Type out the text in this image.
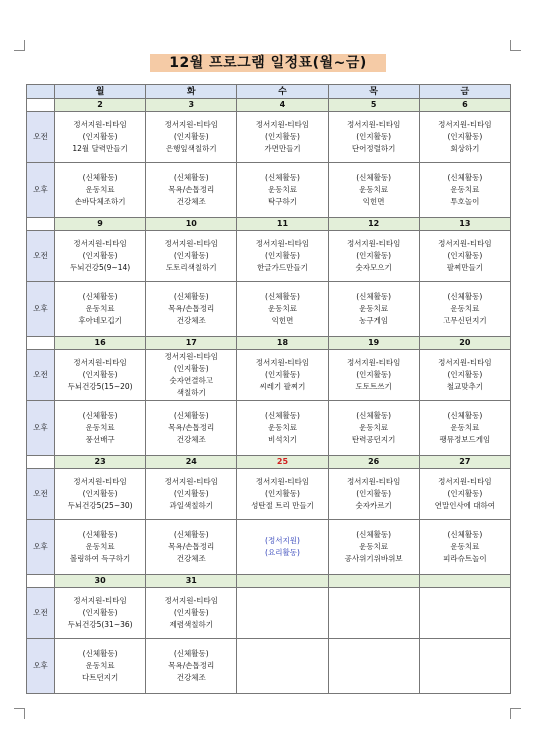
12월 프로그램 일정표(월~금)
	월	화	수	목	금
	2	3	4	5	6
오전	정서지원-티타임
(인지활동)
12월 달력만들기	정서지원-티타임
(인지활동)
은행잎색칠하기	정서지원-티타임
(인지활동)
가면만들기	정서지원-티타임
(인지활동)
단어정렬하기	정서지원-티타임
(인지활동)
회상하기

오후	(신체활동)
운동치료
손바닥체조하기	(신체활동)
목욕/손톱정리
건강체조	(신체활동)
운동치료
탁구하기	(신체활동)
운동치료
익힌면	(신체활동)
운동치료
투호놀이

	9	10	11	12	13
오전	정서지원-티타임
(인지활동)
두뇌건강5(9~14)	정서지원-티타임
(인지활동)
도토리색칠하기	정서지원-티타임
(인지활동)
한글가드만들기	정서지원-티타임
(인지활동)
숫자모으기	정서지원-티타임
(인지활동)
팔찌만들기

오후	(신체활동)
운동치료
후아네모깁기	(신체활동)
목욕/손톱정리
건강체조	(신체활동)
운동치료
익힌면	(신체활동)
운동치료
농구게임	(신체활동)
운동치료
고무신던지기

	16	17	18	19	20
오전	정서지원-티타임
(인지활동)
두뇌건강5(15~20)	정서지원-티타임
(인지활동)
숫자연결하고
색칠하기	정서지원-티타임
(인지활동)
씨레기 팔찌기	정서지원-티타임
(인지활동)
도토트쓰기	정서지원-티타임
(인지활동)
철교맞추기

오후	(신체활동)
운동치료
풍선배구	(신체활동)
목욕/손톱정리
건강체조	(신체활동)
운동치료
비석치기	(신체활동)
운동치료
탄력공던지기	(신체활동)
운동치료
팽뮤정보드게임

	23	24	25	26	27
오전	정서지원-티타임
(인지활동)
두뇌건강5(25~30)	정서지원-티타임
(인지활동)
과일색칠하기	정서지원-티타임
(인지활동)
성탄절 트리 만들기	정서지원-티타임
(인지활동)
숫자카르기	정서지원-티타임
(인지활동)
연말인사에 대하여

오후	(신체활동)
운동치료
볼링하여 득구하기	(신체활동)
목욕/손톱정리
건강체조	(정서지원)
(요리활동)	(신체활동)
운동치료
공사위기위바위보	(신체활동)
운동치료
피라슈트놀이

	30	31			
오전	정서지원-티타임
(인지활동)
두뇌건강5(31~36)	정서지원-티타임
(인지활동)
제렴색칠하기			

오후	(신체활동)
운동치료
다트던지기	(신체활동)
목욕/손톱정리
건강체조			
